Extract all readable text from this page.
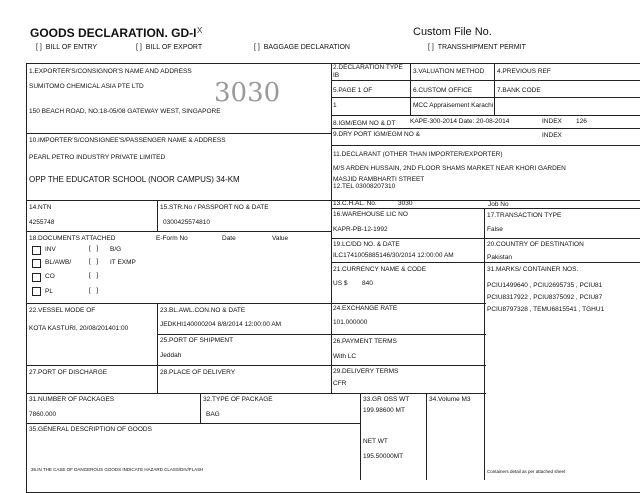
GOODS DECLARATION. GD-I X	Custom File No.
[ ] BILL OF ENTRY	[ ] BILL OF EXPORT	[ ] BAGGAGE DECLARATION	[ ] TRANSSHIPMENT PERMIT
3030
1.EXPORTER'S/CONSIGNOR'S NAME AND ADDRESS
SUMITOMO CHEMICAL ASIA PTE LTD
150 BEACH ROAD, NO.18-05/08 GATEWAY WEST, SINGAPORE
2.DECLARATION TYPE
IB
3.VALUATION METHOD 4.PREVIOUS REF
5.PAGE 1 OF
1
6.CUSTOM OFFICE
MCC Appraisement Karachi
7.BANK CODE
8.IGM/EGM NO & DT KAPE-300-2014 Date: 20-08-2014	INDEX 126
9.DRY PORT IGM/EGM NO &	INDEX
10.IMPORTER'S/CONSIGNEE'S/PASSENGER NAME & ADDRESS
PEARL PETRO INDUSTRY PRIVATE LIMITED
OPP THE EDUCATOR SCHOOL (NOOR CAMPUS) 34-KM
11.DECLARANT (OTHER THAN IMPORTER/EXPORTER)
M/S ARDEN HUSSAIN, 2ND FLOOR SHAMS MARKET NEAR KHORI GARDEN
MASJID RAMBHARTI STREET
12.TEL 03008207310
13.C.H.AL. No.	3030	Job No
14.NTN
4255748
15.STR.No / PASSPORT NO & DATE
0300425574810
16.WAREHOUSE LIC NO
KAPR-PB-12-1992
17.TRANSACTION TYPE
False
18.DOCUMENTS ATTACHED	E-Form No	Date	Value
INV	[   ] B/G
BL/AWB/	[   ] IT EXMP
CO	[   ]
PL	[   ]
19.LC/DD NO. & DATE
ILC1741005885146/30/2014 12:00:00 AM
20.COUNTRY OF DESTINATION
Pakistan
21.CURRENCY NAME & CODE
US $ 840
31.MARKS/ CONTAINER NOS.
PCIU1499640 , PCIU2695735 , PCIU81
PCIU8317922 , PCIU8375092 , PCIU87
PCIU8797328 , TEMU6815541 , TGHU1
22.VESSEL MODE OF
KOTA KASTURI, 20/08/201401:00
23.BL.AWL.CON.NO & DATE
JEDKHI140000204 8/8/2014 12:00:00 AM
24.EXCHANGE RATE
101.000000
25.PORT OF SHIPMENT
Jeddah
26.PAYMENT TERMS
With LC
27.PORT OF DISCHARGE	28.PLACE OF DELIVERY	29.DELIVERY TERMS
CFR
31.NUMBER OF PACKAGES
7860.000
32.TYPE OF PACKAGE
BAG
33.GR OSS WT
199.98600 MT
NET WT
195.50000MT
34.Volume M3
35.GENERAL DESCRIPTION OF GOODS
36.IN THE CASE OF DANGEROUS GOODS INDICATE HAZARD CLASS/DIV/FLASH	Containers detail as per attached sheet
